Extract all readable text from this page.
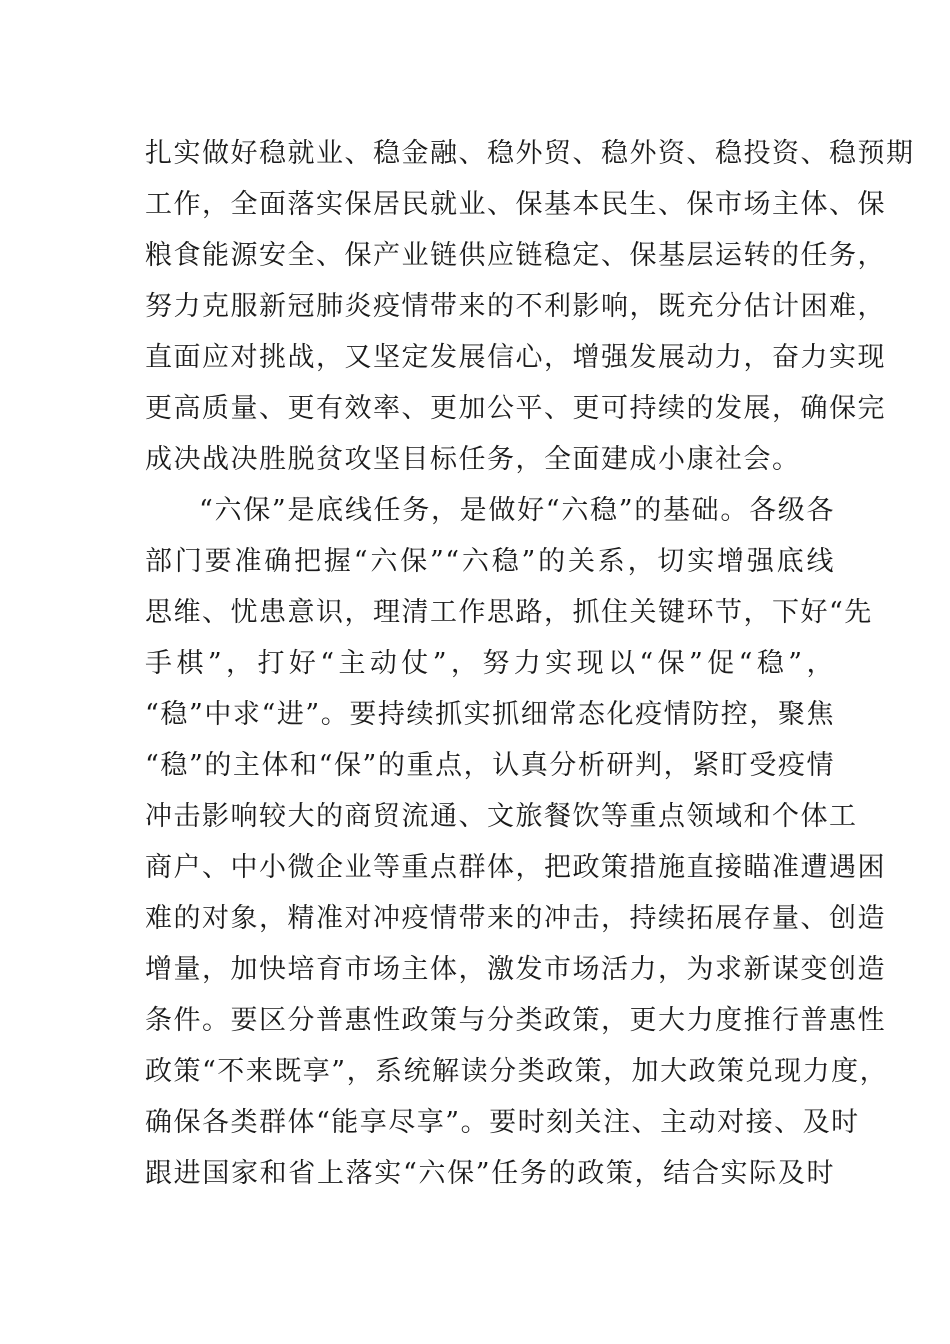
扎实做好稳就业、稳金融、稳外贸、稳外资、稳投资、稳预期
工作，全面落实保居民就业、保基本民生、保市场主体、保
粮食能源安全、保产业链供应链稳定、保基层运转的任务，
努力克服新冠肺炎疫情带来的不利影响，既充分估计困难，
直面应对挑战，又坚定发展信心，增强发展动力，奋力实现
更高质量、更有效率、更加公平、更可持续的发展，确保完
成决战决胜脱贫攻坚目标任务，全面建成小康社会。
“六保”是底线任务，是做好“六稳”的基础。各级各
部门要准确把握“六保”“六稳”的关系，切实增强底线
思维、忧患意识，理清工作思路，抓住关键环节，下好“先
手棋”，打好“主动仗”，努力实现以“保”促“稳”，
“稳”中求“进”。要持续抓实抓细常态化疫情防控，聚焦
“稳”的主体和“保”的重点，认真分析研判，紧盯受疫情
冲击影响较大的商贸流通、文旅餐饮等重点领域和个体工
商户、中小微企业等重点群体，把政策措施直接瞄准遭遇困
难的对象，精准对冲疫情带来的冲击，持续拓展存量、创造
增量，加快培育市场主体，激发市场活力，为求新谋变创造
条件。要区分普惠性政策与分类政策，更大力度推行普惠性
政策“不来既享”，系统解读分类政策，加大政策兑现力度，
确保各类群体“能享尽享”。要时刻关注、主动对接、及时
跟进国家和省上落实“六保”任务的政策，结合实际及时
